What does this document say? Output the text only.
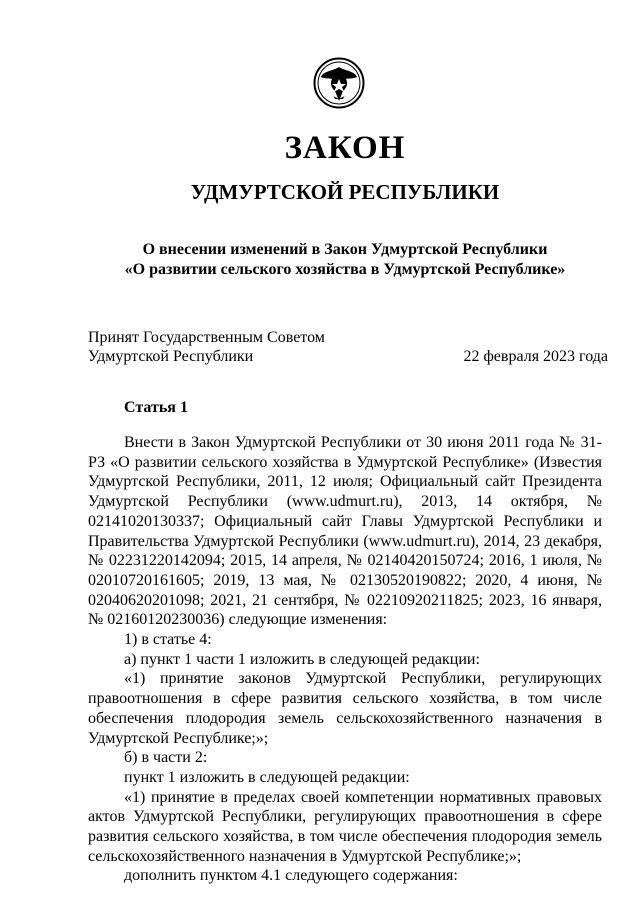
ЗАКОН
УДМУРТСКОЙ РЕСПУБЛИКИ
О внесении изменений в Закон Удмуртской Республики
«О развитии сельского хозяйства в Удмуртской Республике»
Принят Государственным Советом
Удмуртской Республики	22 февраля 2023 года
Статья 1

Внести в Закон Удмуртской Республики от 30 июня 2011 года № 31-РЗ «О развитии сельского хозяйства в Удмуртской Республике» (Известия Удмуртской Республики, 2011, 12 июля; Официальный сайт Президента Удмуртской Республики (www.udmurt.ru), 2013, 14 октября, № 02141020130337; Официальный сайт Главы Удмуртской Республики и Правительства Удмуртской Республики (www.udmurt.ru), 2014, 23 декабря, № 02231220142094; 2015, 14 апреля, № 02140420150724; 2016, 1 июля, № 02010720161605; 2019, 13 мая, № 02130520190822; 2020, 4 июня, № 02040620201098; 2021, 21 сентября, № 02210920211825; 2023, 16 января, № 02160120230036) следующие изменения:

1) в статье 4:

а) пункт 1 части 1 изложить в следующей редакции:

«1) принятие законов Удмуртской Республики, регулирующих правоотношения в сфере развития сельского хозяйства, в том числе обеспечения плодородия земель сельскохозяйственного назначения в Удмуртской Республике;»;

б) в части 2:

пункт 1 изложить в следующей редакции:

«1) принятие в пределах своей компетенции нормативных правовых актов Удмуртской Республики, регулирующих правоотношения в сфере развития сельского хозяйства, в том числе обеспечения плодородия земель сельскохозяйственного назначения в Удмуртской Республике;»;

дополнить пунктом 4.1 следующего содержания:
